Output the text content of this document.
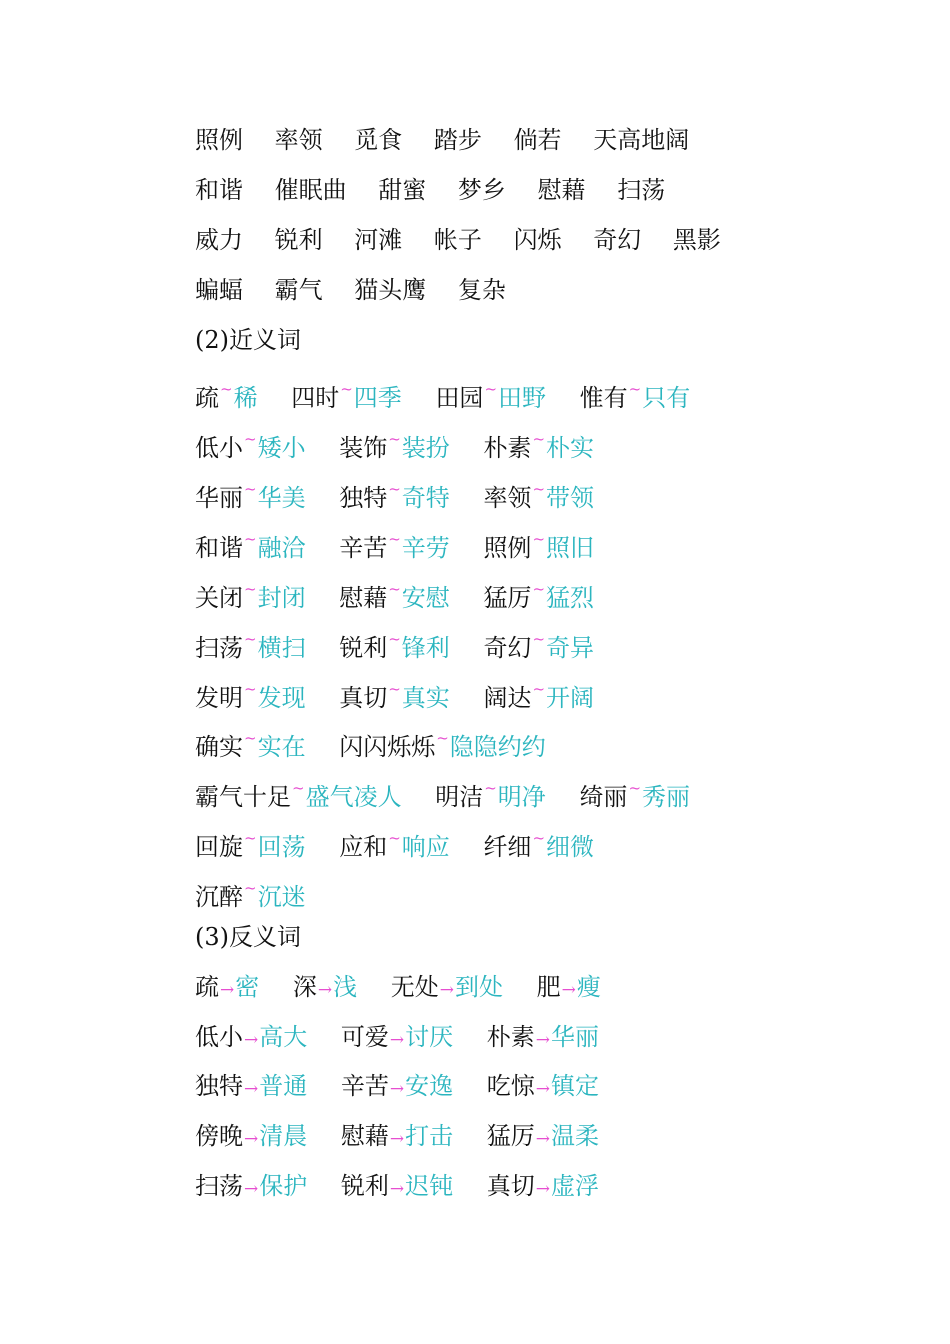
照例 率领 觅食 踏步 倘若 天高地阔
和谐 催眠曲 甜蜜 梦乡 慰藉 扫荡
威力 锐利 河滩 帐子 闪烁 奇幻 黑影
蝙蝠 霸气 猫头鹰 复杂
(2)近义词
疏~稀 四时~四季 田园~田野 惟有~只有
低小~矮小 装饰~装扮 朴素~朴实
华丽~华美 独特~奇特 率领~带领
和谐~融洽 辛苦~辛劳 照例~照旧
关闭~封闭 慰藉~安慰 猛厉~猛烈
扫荡~横扫 锐利~锋利 奇幻~奇异
发明~发现 真切~真实 阔达~开阔
确实~实在 闪闪烁烁~隐隐约约
霸气十足~盛气凌人 明洁~明净 绮丽~秀丽
回旋~回荡 应和~响应 纤细~细微
沉醉~沉迷
(3)反义词
疏→密 深→浅 无处→到处 肥→瘦
低小→高大 可爱→讨厌 朴素→华丽
独特→普通 辛苦→安逸 吃惊→镇定
傍晚→清晨 慰藉→打击 猛厉→温柔
扫荡→保护 锐利→迟钝 真切→虚浮
